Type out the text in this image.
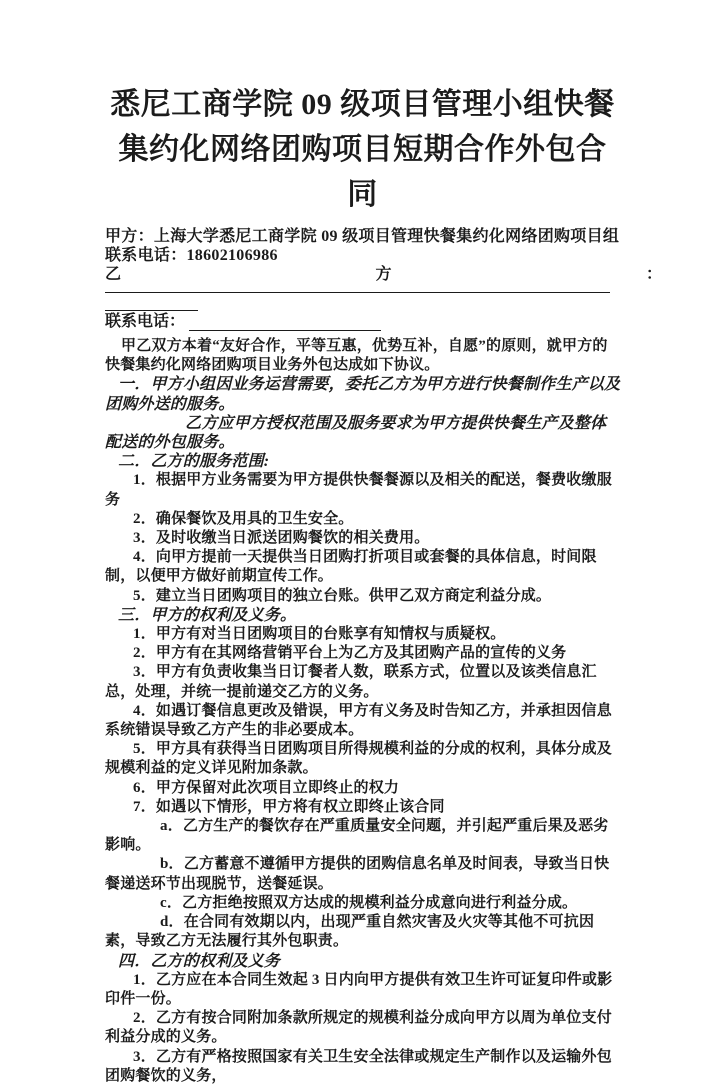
悉尼工商学院 09 级项目管理小组快餐集约化网络团购项目短期合作外包合同

甲方：上海大学悉尼工商学院 09 级项目管理快餐集约化网络团购项目组

联系电话：18602106986

乙	方	：
联系电话：

甲乙双方本着“友好合作，平等互惠，优势互补，自愿”的原则，就甲方的快餐集约化网络团购项目业务外包达成如下协议。

一．甲方小组因业务运营需要，委托乙方为甲方进行快餐制作生产以及团购外送的服务。

乙方应甲方授权范围及服务要求为甲方提供快餐生产及整体配送的外包服务。

二．乙方的服务范围:

1．根据甲方业务需要为甲方提供快餐餐源以及相关的配送，餐费收缴服务

2．确保餐饮及用具的卫生安全。

3．及时收缴当日派送团购餐饮的相关费用。

4．向甲方提前一天提供当日团购打折项目或套餐的具体信息，时间限制，以便甲方做好前期宣传工作。

5．建立当日团购项目的独立台账。供甲乙双方商定利益分成。

三．甲方的权利及义务。

1．甲方有对当日团购项目的台账享有知情权与质疑权。

2．甲方有在其网络营销平台上为乙方及其团购产品的宣传的义务

3．甲方有负责收集当日订餐者人数，联系方式，位置以及该类信息汇总，处理，并统一提前递交乙方的义务。

4．如遇订餐信息更改及错误，甲方有义务及时告知乙方，并承担因信息系统错误导致乙方产生的非必要成本。

5．甲方具有获得当日团购项目所得规模利益的分成的权利，具体分成及规模利益的定义详见附加条款。

6．甲方保留对此次项目立即终止的权力

7．如遇以下情形，甲方将有权立即终止该合同

a．乙方生产的餐饮存在严重质量安全问题，并引起严重后果及恶劣影响。

b．乙方蓄意不遵循甲方提供的团购信息名单及时间表，导致当日快餐递送环节出现脱节，送餐延误。

c．乙方拒绝按照双方达成的规模利益分成意向进行利益分成。

d．在合同有效期以内，出现严重自然灾害及火灾等其他不可抗因素，导致乙方无法履行其外包职责。

四．乙方的权利及义务

1．乙方应在本合同生效起 3 日内向甲方提供有效卫生许可证复印件或影印件一份。

2．乙方有按合同附加条款所规定的规模利益分成向甲方以周为单位支付利益分成的义务。

3．乙方有严格按照国家有关卫生安全法律或规定生产制作以及运输外包团购餐饮的义务，
